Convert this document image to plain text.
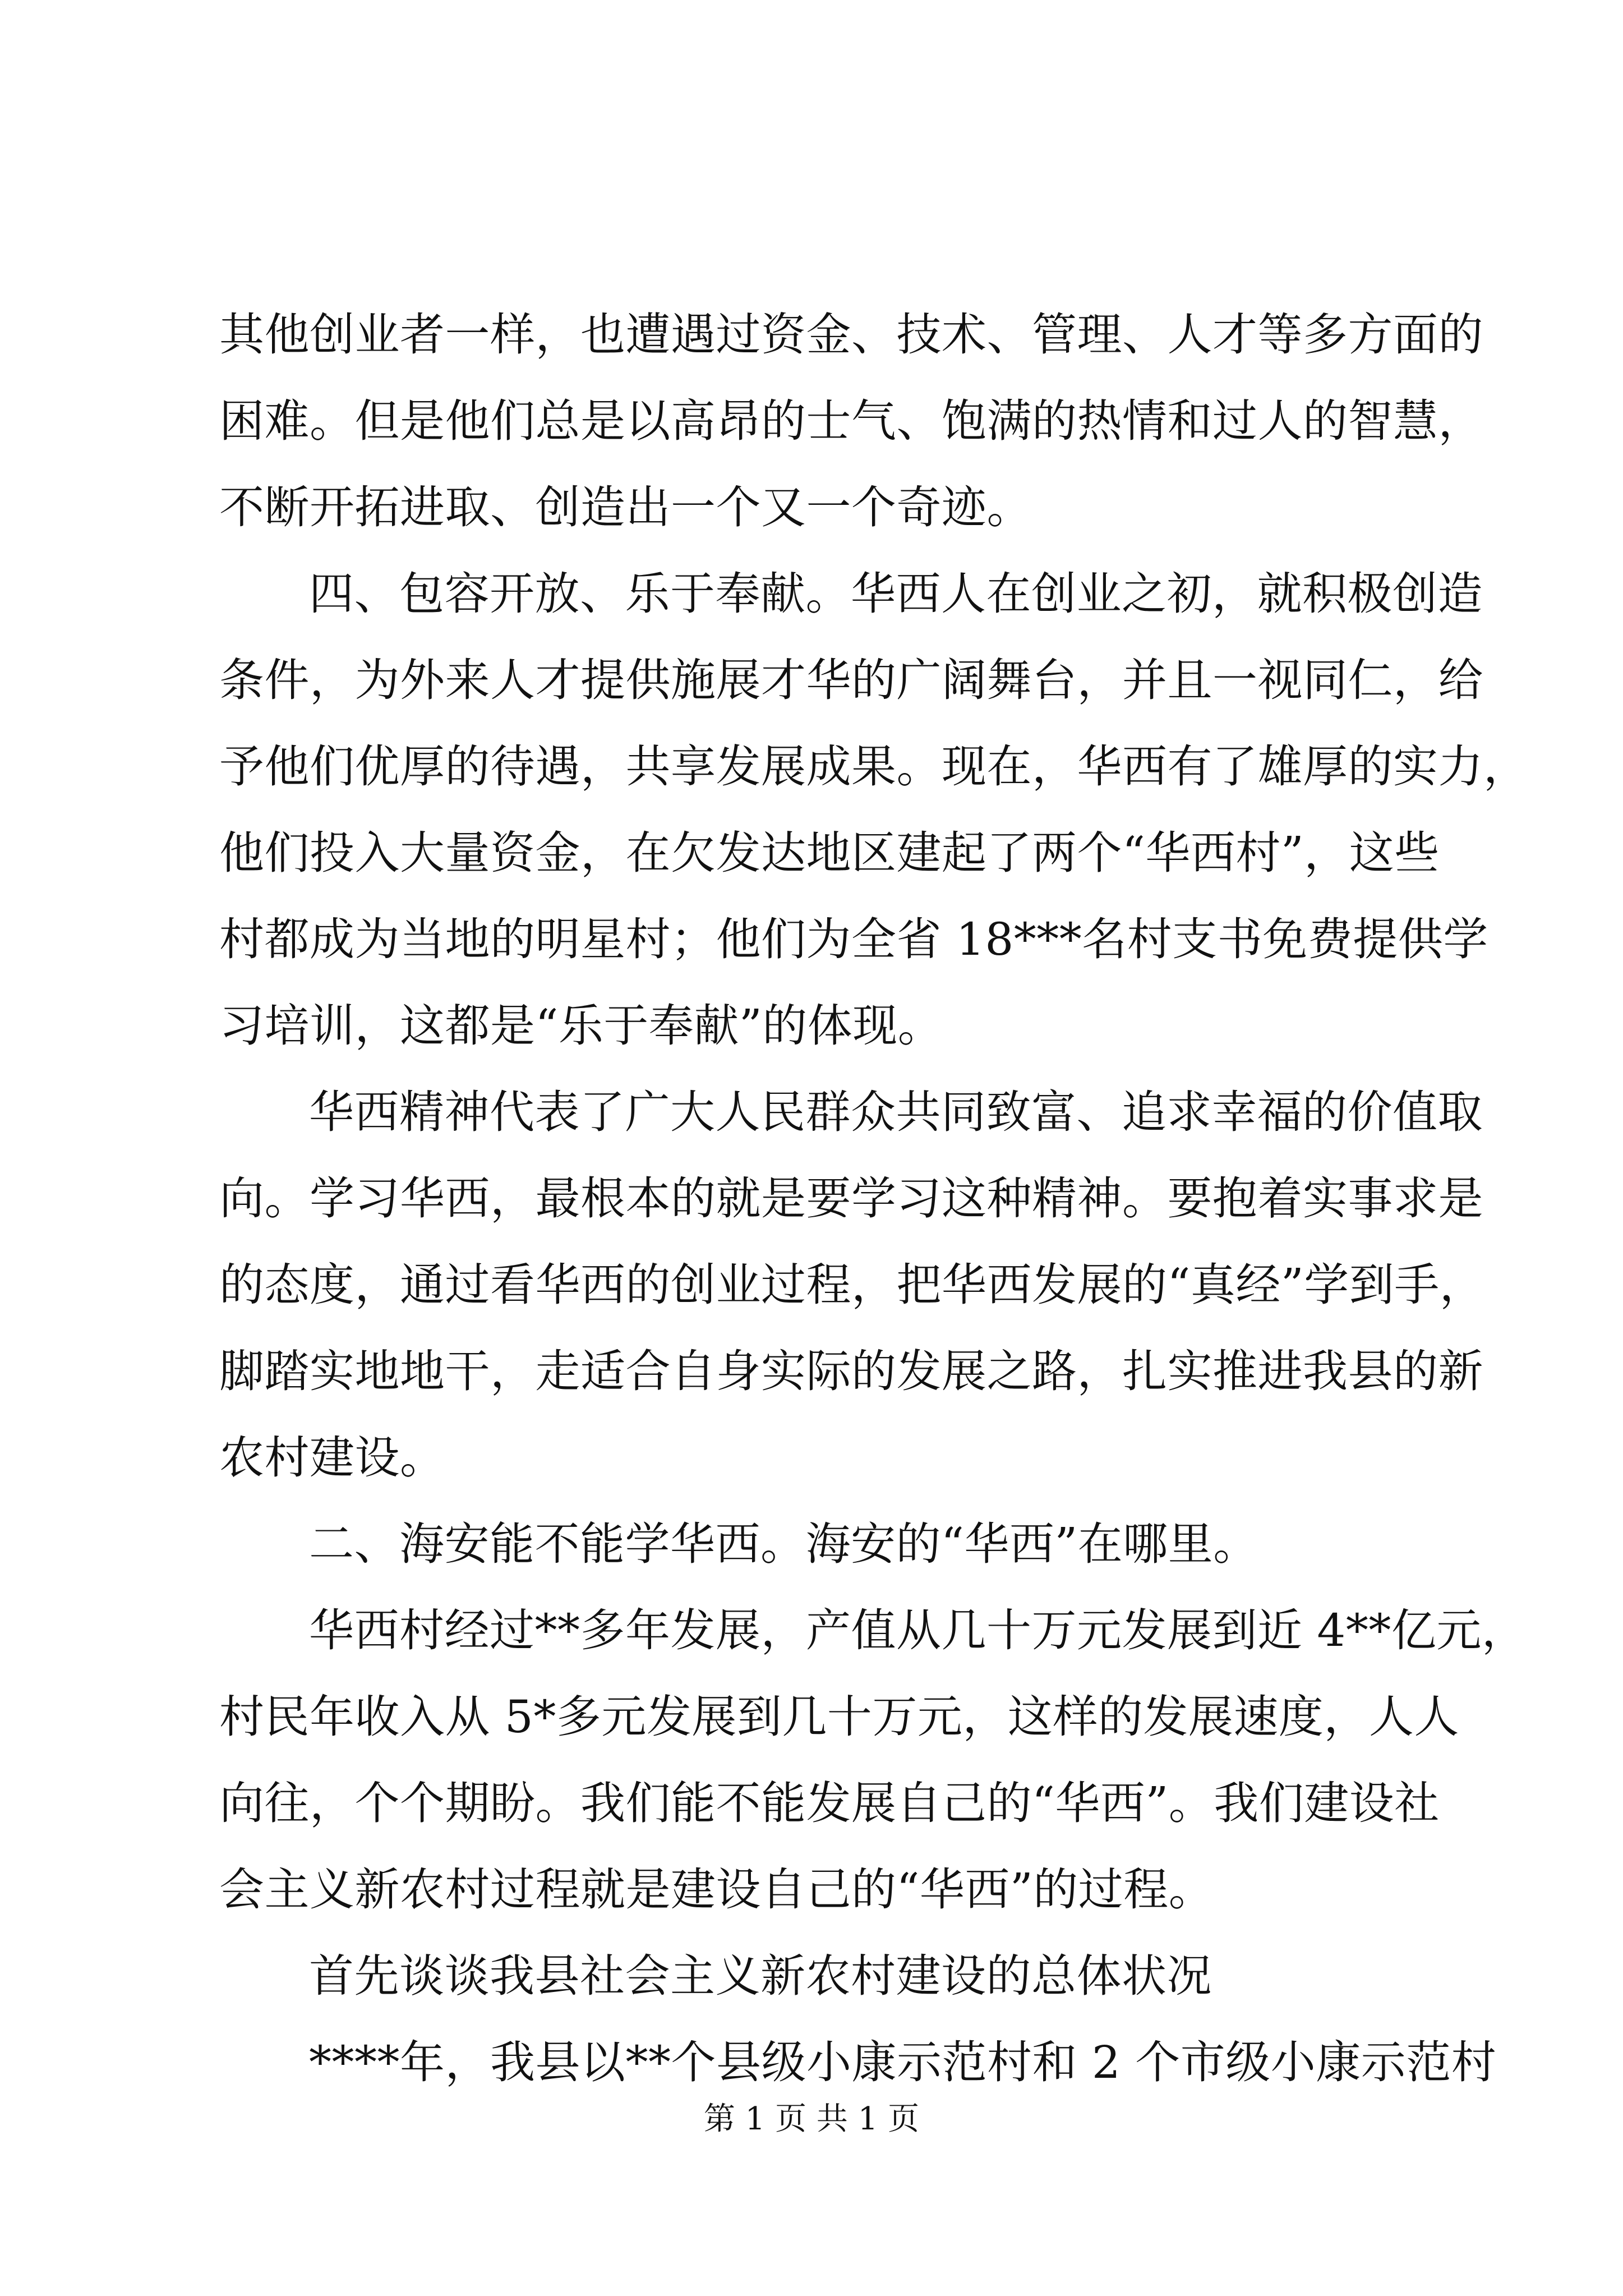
其他创业者一样，也遭遇过资金、技术、管理、人才等多方面的
困难。但是他们总是以高昂的士气、饱满的热情和过人的智慧，
不断开拓进取、创造出一个又一个奇迹。
四、包容开放、乐于奉献。华西人在创业之初，就积极创造
条件，为外来人才提供施展才华的广阔舞台，并且一视同仁，给
予他们优厚的待遇，共享发展成果。现在，华西有了雄厚的实力，
他们投入大量资金，在欠发达地区建起了两个“华西村”，这些
村都成为当地的明星村；他们为全省 18***名村支书免费提供学
习培训，这都是“乐于奉献”的体现。
华西精神代表了广大人民群众共同致富、追求幸福的价值取
向。学习华西，最根本的就是要学习这种精神。要抱着实事求是
的态度，通过看华西的创业过程，把华西发展的“真经”学到手，
脚踏实地地干，走适合自身实际的发展之路，扎实推进我县的新
农村建设。
二、海安能不能学华西。海安的“华西”在哪里。
华西村经过**多年发展，产值从几十万元发展到近 4**亿元，
村民年收入从 5*多元发展到几十万元，这样的发展速度，人人
向往，个个期盼。我们能不能发展自己的“华西”。我们建设社
会主义新农村过程就是建设自己的“华西”的过程。
首先谈谈我县社会主义新农村建设的总体状况
****年，我县以**个县级小康示范村和 2 个市级小康示范村
第 1 页 共 1 页
